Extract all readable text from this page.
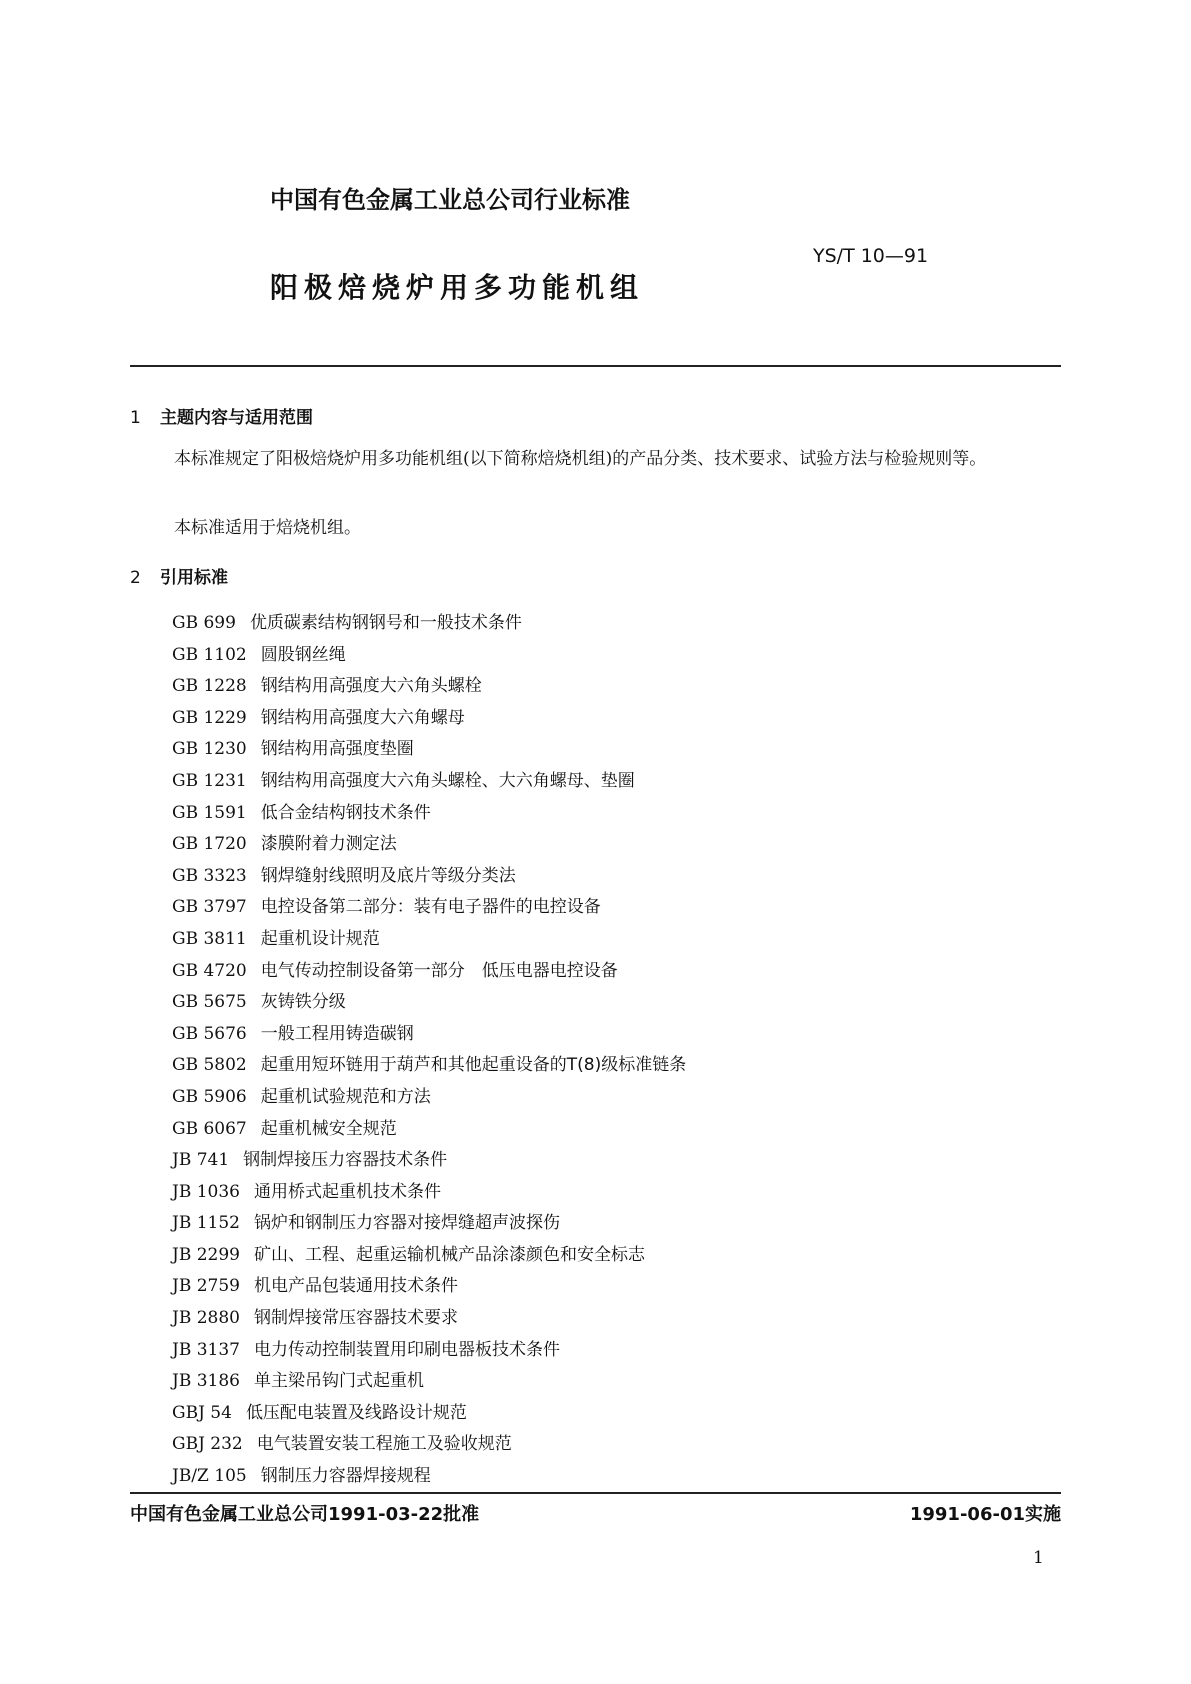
中国有色金属工业总公司行业标准
YS/T 10—91
阳极焙烧炉用多功能机组
1 主题内容与适用范围
本标准规定了阳极焙烧炉用多功能机组(以下简称焙烧机组)的产品分类、技术要求、试验方法与检验规则等。
本标准适用于焙烧机组。
2 引用标准
GB 699 优质碳素结构钢钢号和一般技术条件
GB 1102 圆股钢丝绳
GB 1228 钢结构用高强度大六角头螺栓
GB 1229 钢结构用高强度大六角螺母
GB 1230 钢结构用高强度垫圈
GB 1231 钢结构用高强度大六角头螺栓、大六角螺母、垫圈
GB 1591 低合金结构钢技术条件
GB 1720 漆膜附着力测定法
GB 3323 钢焊缝射线照明及底片等级分类法
GB 3797 电控设备第二部分：装有电子器件的电控设备
GB 3811 起重机设计规范
GB 4720 电气传动控制设备第一部分　低压电器电控设备
GB 5675 灰铸铁分级
GB 5676 一般工程用铸造碳钢
GB 5802 起重用短环链用于葫芦和其他起重设备的T(8)级标准链条
GB 5906 起重机试验规范和方法
GB 6067 起重机械安全规范
JB 741 钢制焊接压力容器技术条件
JB 1036 通用桥式起重机技术条件
JB 1152 锅炉和钢制压力容器对接焊缝超声波探伤
JB 2299 矿山、工程、起重运输机械产品涂漆颜色和安全标志
JB 2759 机电产品包装通用技术条件
JB 2880 钢制焊接常压容器技术要求
JB 3137 电力传动控制装置用印刷电器板技术条件
JB 3186 单主梁吊钩门式起重机
GBJ 54 低压配电装置及线路设计规范
GBJ 232 电气装置安装工程施工及验收规范
JB/Z 105 钢制压力容器焊接规程
中国有色金属工业总公司1991-03-22批准	1991-06-01实施
1
